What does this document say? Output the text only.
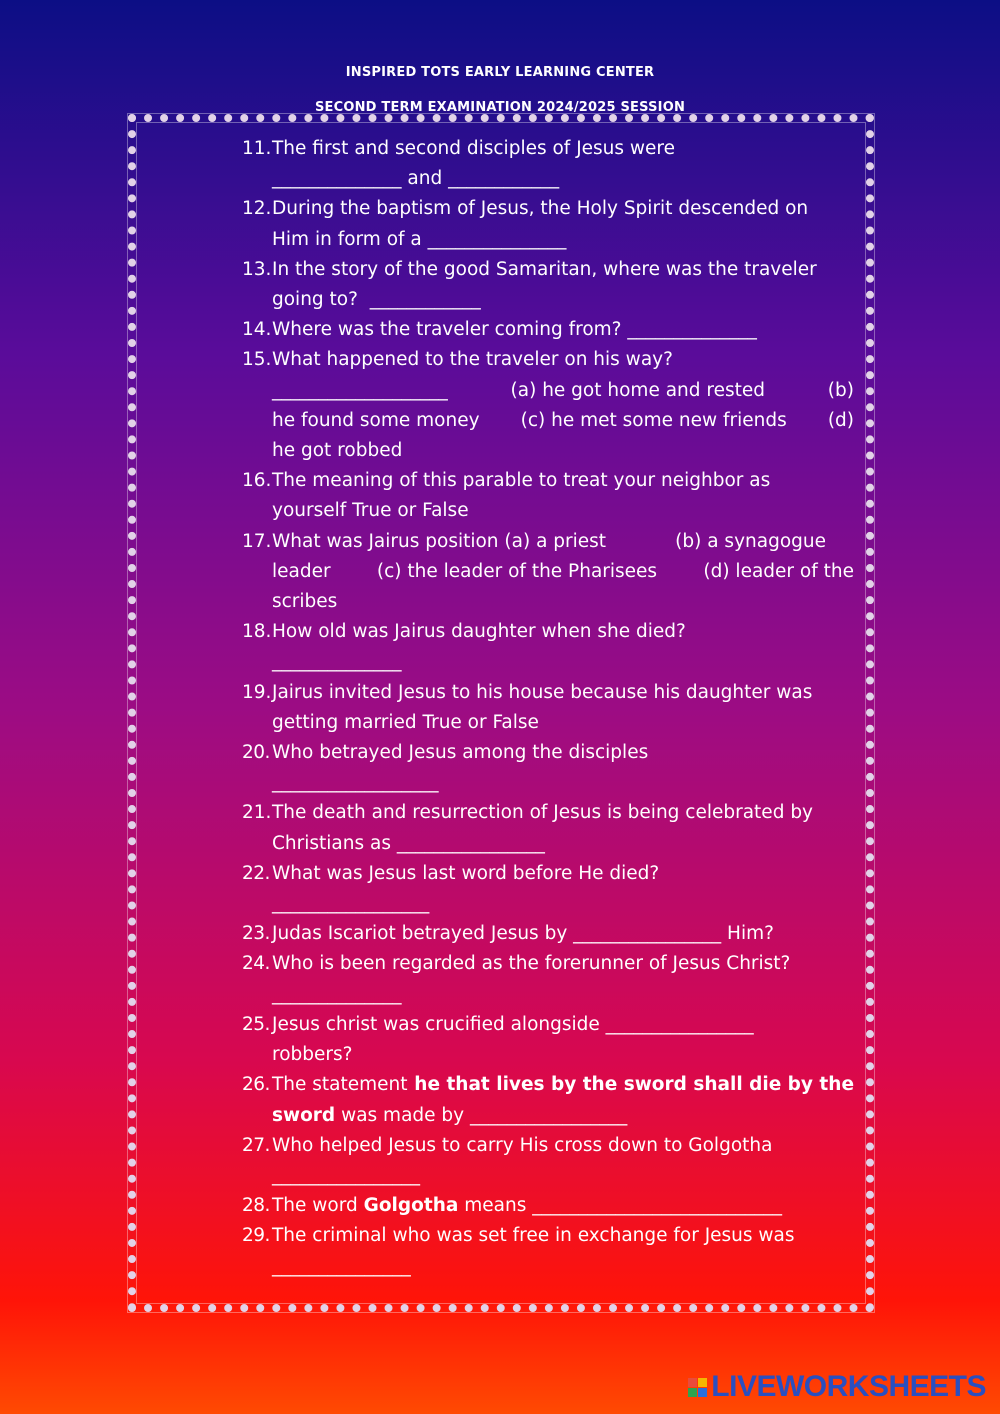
INSPIRED TOTS EARLY LEARNING CENTER
SECOND TERM EXAMINATION 2024/2025 SESSION
11. The first and second disciples of Jesus were
______________ and ____________
12. During the baptism of Jesus, the Holy Spirit descended on
Him in form of a _______________
13. In the story of the good Samaritan, where was the traveler
going to?  ____________
14. Where was the traveler coming from? ______________
15. What happened to the traveler on his way?
___________________	(a) he got home and rested	(b)
he found some money (c) he met some new friends (d)
he got robbed
16. The meaning of this parable to treat your neighbor as
yourself True or False
17. What was Jairus position (a) a priest	(b) a synagogue
leader	(c) the leader of the Pharisees	(d) leader of the
scribes
18. How old was Jairus daughter when she died?
______________
19. Jairus invited Jesus to his house because his daughter was
getting married True or False
20. Who betrayed Jesus among the disciples
__________________
21. The death and resurrection of Jesus is being celebrated by
Christians as ________________
22. What was Jesus last word before He died?
_________________
23. Judas Iscariot betrayed Jesus by ________________ Him?
24. Who is been regarded as the forerunner of Jesus Christ?
______________
25. Jesus christ was crucified alongside ________________
robbers?
26. The statement he that lives by the sword shall die by the
sword was made by _________________
27. Who helped Jesus to carry His cross down to Golgotha
________________
28. The word Golgotha means ___________________________
29. The criminal who was set free in exchange for Jesus was
_______________
LIVEWORKSHEETS
